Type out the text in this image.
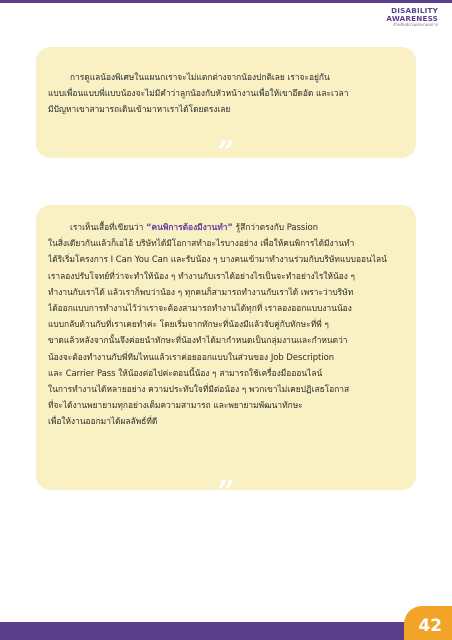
DISABILITY
AWARENESS
สำหรับสถานประกอบการ
การดูแลน้องพิเศษในแผนกเราจะไม่แตกต่างจากน้องปกติเลย เราจะอยู่กัน
แบบเพื่อนแบบพี่แบบน้องจะไม่มีคำว่าลูกน้องกับหัวหน้างานเพื่อให้เขาอึดอัด และเวลา
มีปัญหาเขาสามารถเดินเข้ามาหาเราได้โดยตรงเลย
“
”
เราเห็นเสื้อที่เขียนว่า “คนพิการต้องมีงานทำ” รู้สึกว่าตรงกับ Passion
ในสิ่งเดียวกันแล้วก็เอไอ้ บริษัทได้มีโอกาสทำอะไรบางอย่าง เพื่อให้คนพิการได้มีงานทำ
ได้ริเริ่มโครงการ I Can You Can และรับน้อง ๆ บางคนเข้ามาทำงานร่วมกับบริษัทแบบออนไลน์
เราลองปรับโจทย์ที่ว่าจะทำให้น้อง ๆ ทำงานกับเราได้อย่างไรเป็นจะทำอย่างไรให้น้อง ๆ
ทำงานกับเราได้ แล้วเราก็พบว่าน้อง ๆ ทุกคนก็สามารถทำงานกับเราได้ เพราะว่าบริษัท
ได้ออกแบบการทำงานไว้ว่าเราจะต้องสามารถทำงานได้ทุกที่ เราลองออกแบบงานน้อง
แบบกลับด้านกับที่เราเคยทำค่ะ โดยเริ่มจากทักษะที่น้องมีแล้วจับคู่กับทักษะที่พี่ ๆ
ขาดแล้วหลังจากนั้นจึงค่อยนำทักษะที่น้องทำได้มากำหนดเป็นกลุ่มงานและกำหนดว่า
น้องจะต้องทำงานกับพี่ทีมไหนแล้วเราค่อยออกแบบในส่วนของ Job Description
และ Carrier Pass ให้น้องต่อไปค่ะตอนนี้น้อง ๆ สามารถใช้เครื่องมือออนไลน์
ในการทำงานได้หลายอย่าง ความประทับใจที่มีต่อน้อง ๆ พวกเขาไม่เคยปฏิเสธโอกาส
ที่จะได้งานพยายามทุกอย่างเต็มความสามารถ และพยายามพัฒนาทักษะ
เพื่อให้งานออกมาได้ผลลัพธ์ที่ดี
“
”
42
